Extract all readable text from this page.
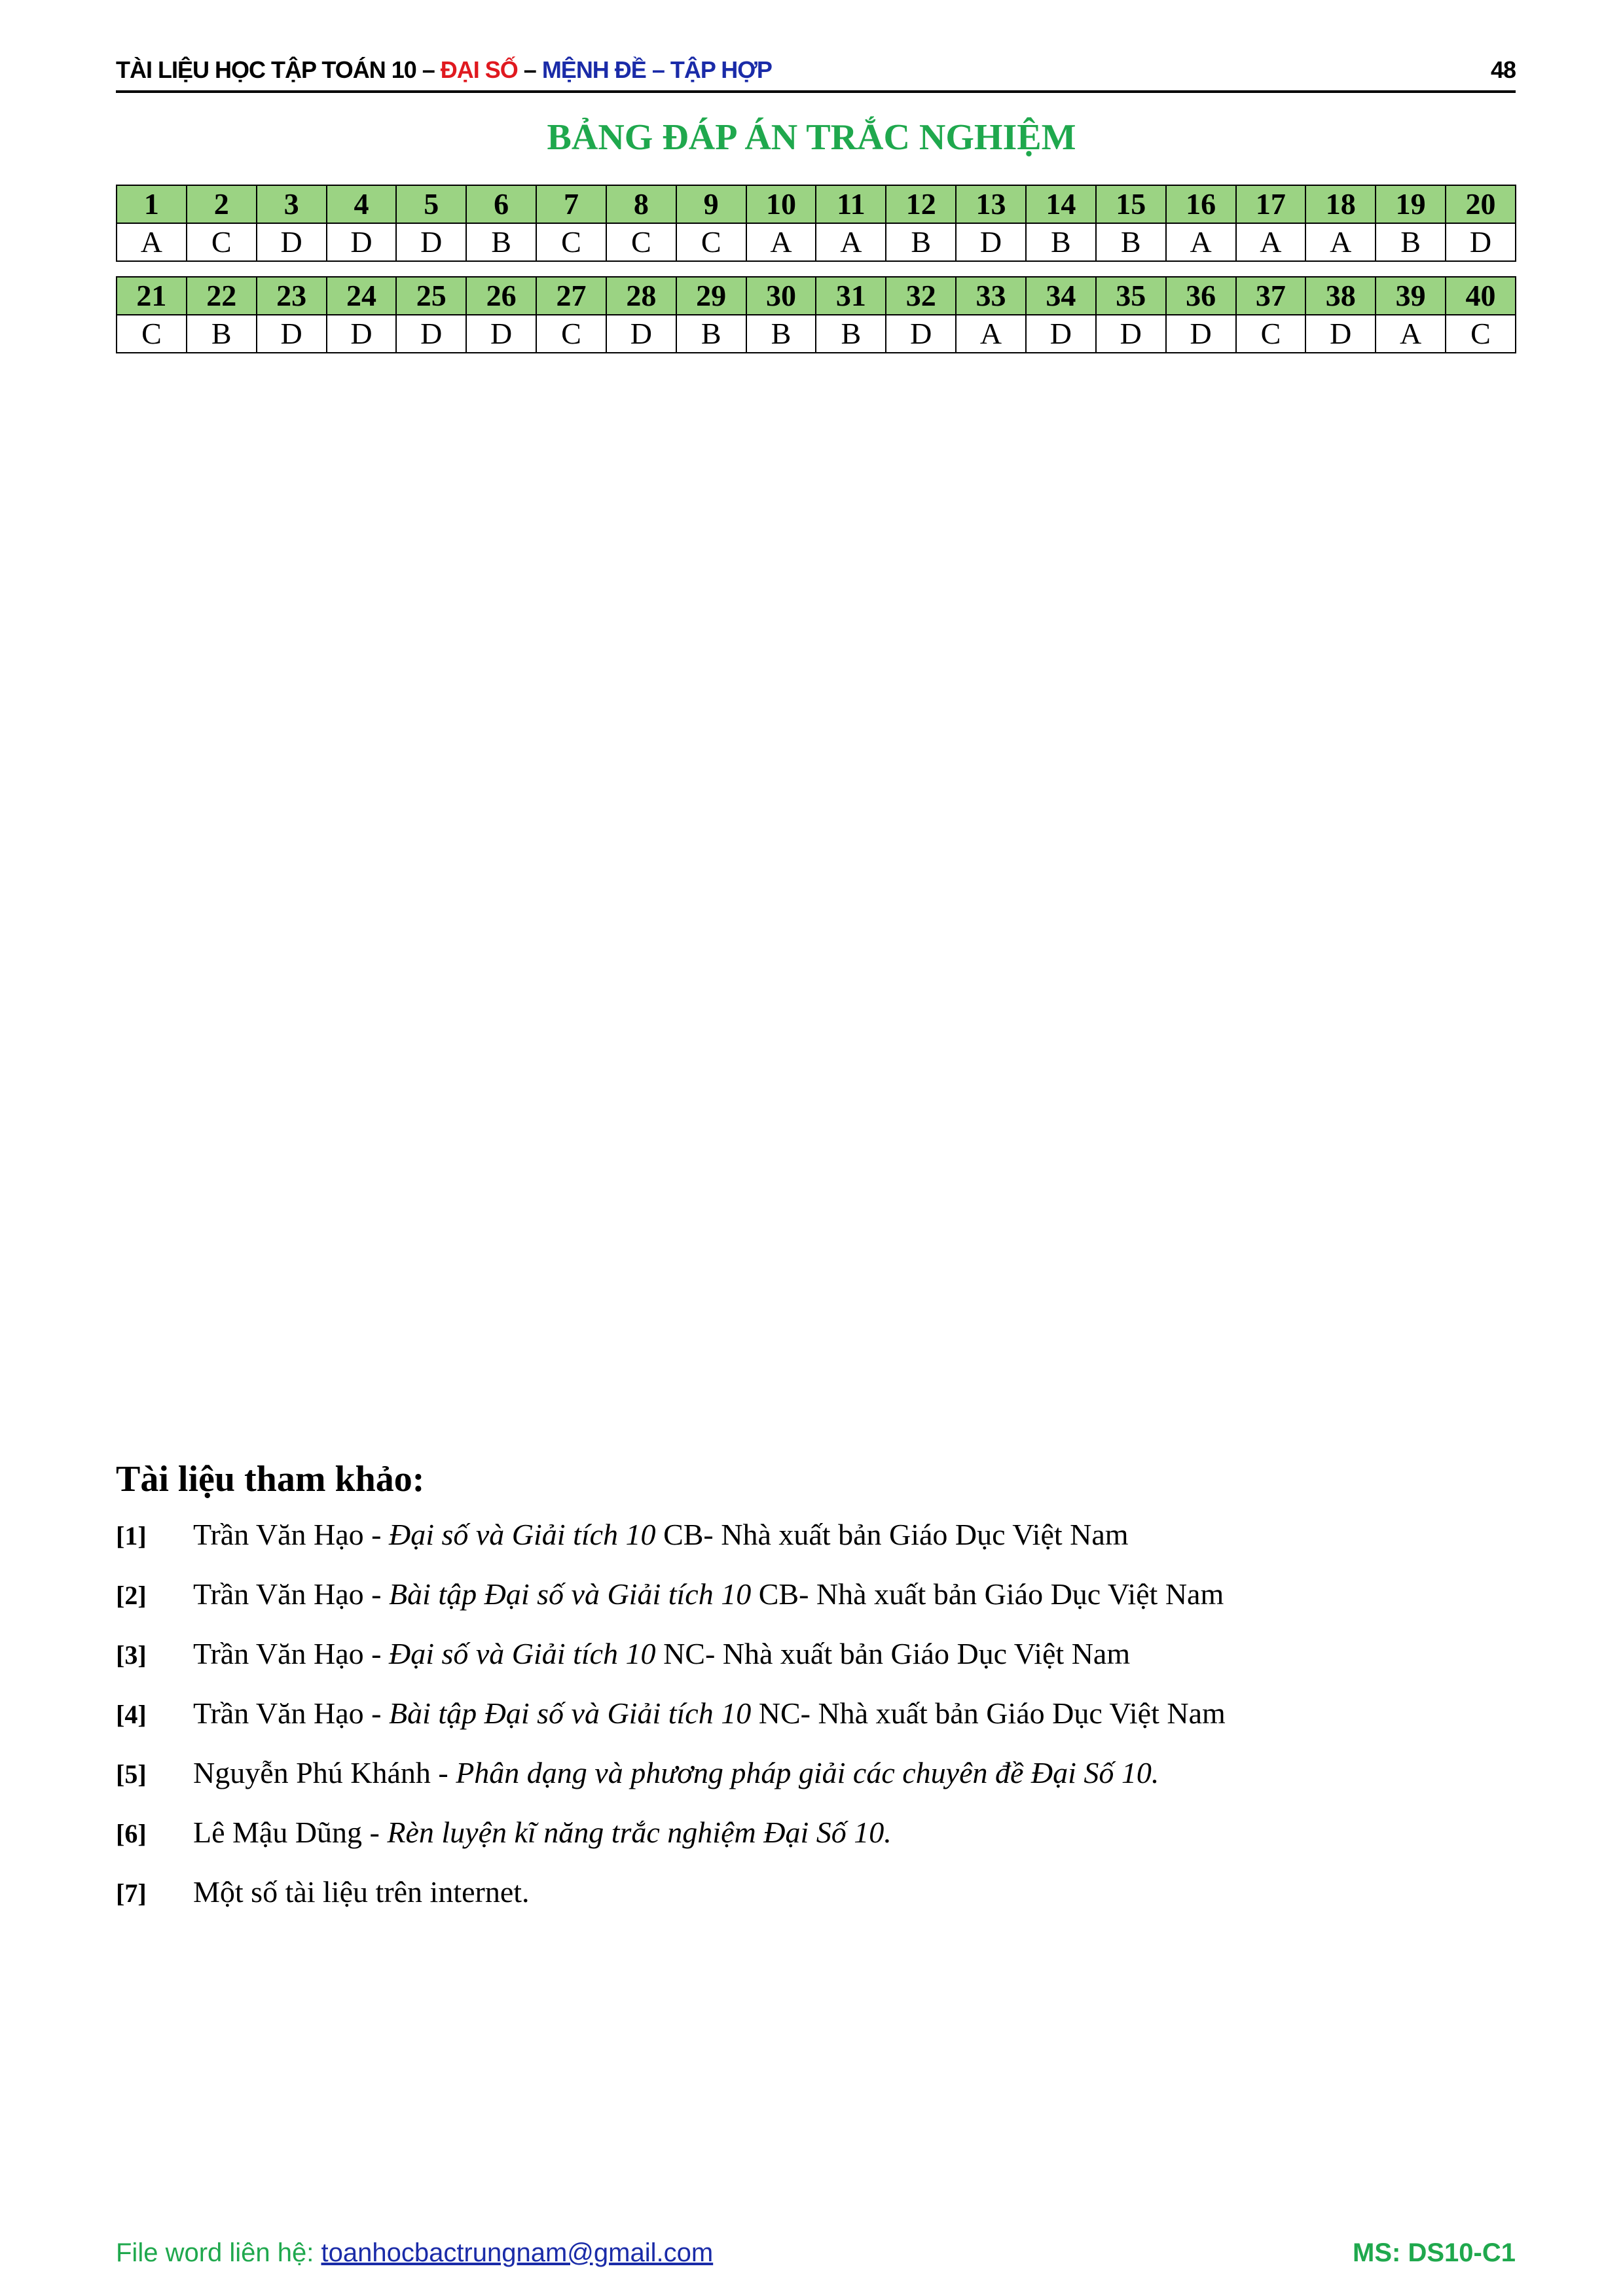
TÀI LIỆU HỌC TẬP TOÁN 10 – ĐẠI SỐ – MỆNH ĐỀ – TẬP HỢP	48
BẢNG ĐÁP ÁN TRẮC NGHIỆM
1	2	3	4	5	6	7	8	9	10	11	12	13	14	15	16	17	18	19	20
A	C	D	D	D	B	C	C	C	A	A	B	D	B	B	A	A	A	B	D
21	22	23	24	25	26	27	28	29	30	31	32	33	34	35	36	37	38	39	40
C	B	D	D	D	D	C	D	B	B	B	D	A	D	D	D	C	D	A	C
Tài liệu tham khảo:
[1] Trần Văn Hạo - Đại số và Giải tích 10 CB- Nhà xuất bản Giáo Dục Việt Nam
[2] Trần Văn Hạo - Bài tập Đại số và Giải tích 10 CB- Nhà xuất bản Giáo Dục Việt Nam
[3] Trần Văn Hạo - Đại số và Giải tích 10 NC- Nhà xuất bản Giáo Dục Việt Nam
[4] Trần Văn Hạo - Bài tập Đại số và Giải tích 10 NC- Nhà xuất bản Giáo Dục Việt Nam
[5] Nguyễn Phú Khánh - Phân dạng và phương pháp giải các chuyên đề Đại Số 10.
[6] Lê Mậu Dũng - Rèn luyện kĩ năng trắc nghiệm Đại Số 10.
[7] Một số tài liệu trên internet.
File word liên hệ: toanhocbactrungnam@gmail.com	MS: DS10-C1
